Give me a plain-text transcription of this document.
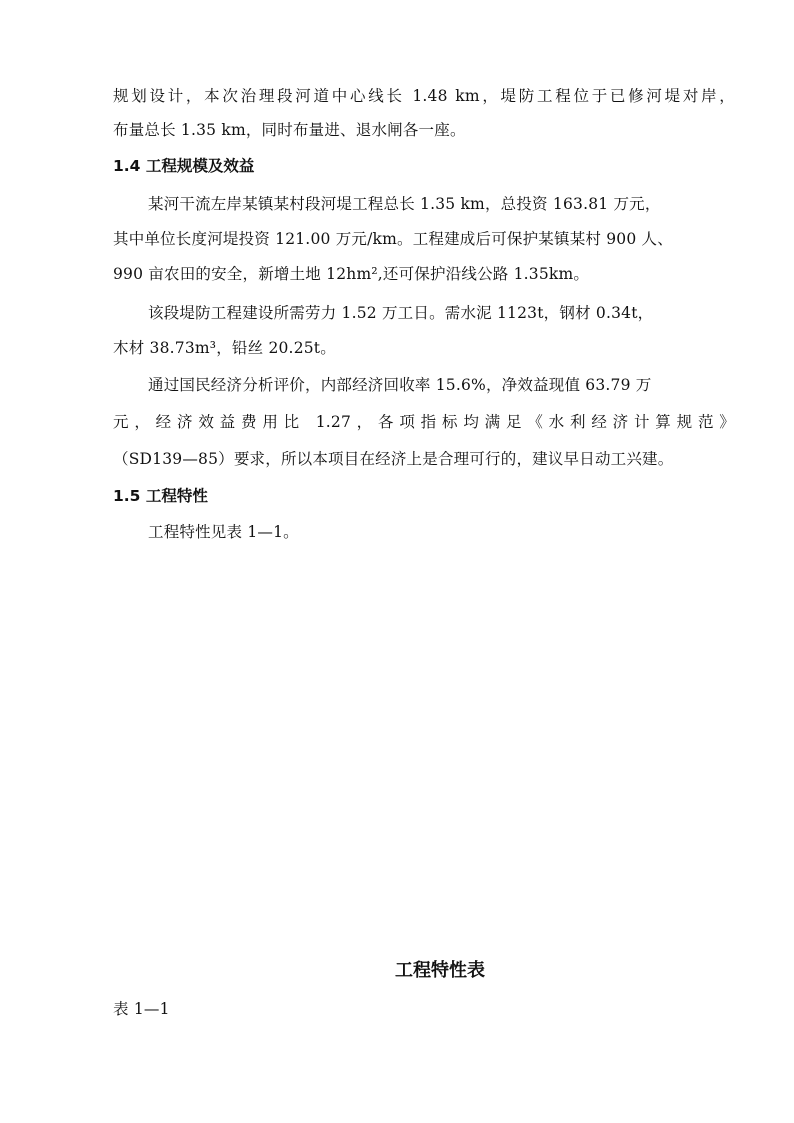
规划设计，本次治理段河道中心线长 1.48 km，堤防工程位于已修河堤对岸，
布量总长 1.35 km，同时布量进、退水闸各一座。
1.4 工程规模及效益
某河干流左岸某镇某村段河堤工程总长 1.35 km，总投资 163.81 万元，
其中单位长度河堤投资 121.00 万元/km。工程建成后可保护某镇某村 900 人、
990 亩农田的安全，新增土地 12hm²,还可保护沿线公路 1.35km。
该段堤防工程建设所需劳力 1.52 万工日。需水泥 1123t，钢材 0.34t，
木材 38.73m³，铅丝 20.25t。
通过国民经济分析评价，内部经济回收率 15.6%，净效益现值 63.79 万
元，经济效益费用比 1.27，各项指标均满足《水利经济计算规范》
（SD139—85）要求，所以本项目在经济上是合理可行的，建议早日动工兴建。
1.5 工程特性
工程特性见表 1—1。
工程特性表
表 1—1
